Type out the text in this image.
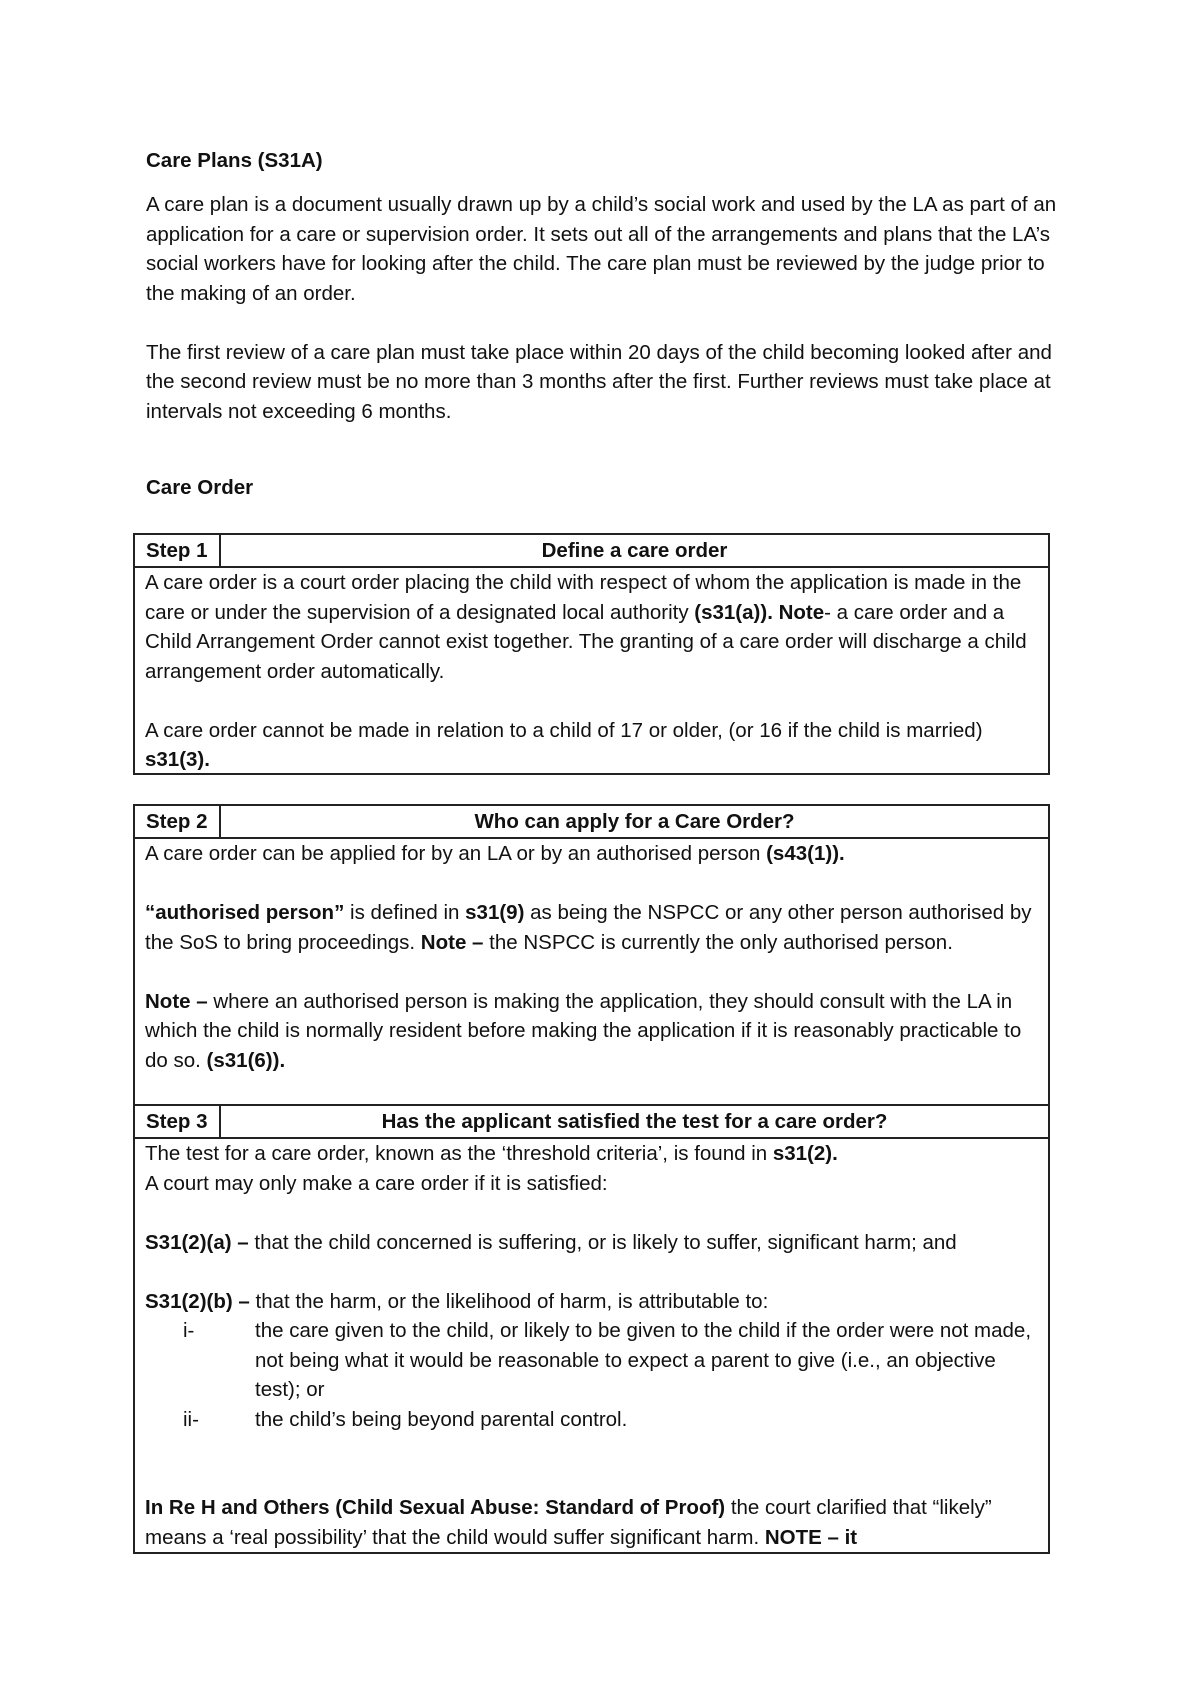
Care Plans (S31A)

A care plan is a document usually drawn up by a child’s social work and used by the LA as part of an application for a care or supervision order. It sets out all of the arrangements and plans that the LA’s social workers have for looking after the child. The care plan must be reviewed by the judge prior to the making of an order.

The first review of a care plan must take place within 20 days of the child becoming looked after and the second review must be no more than 3 months after the first. Further reviews must take place at intervals not exceeding 6 months.

Care Order
Step 1	Define a care order

A care order is a court order placing the child with respect of whom the application is made in the care or under the supervision of a designated local authority (s31(a)). Note- a care order and a Child Arrangement Order cannot exist together. The granting of a care order will discharge a child arrangement order automatically.

A care order cannot be made in relation to a child of 17 or older, (or 16 if the child is married) s31(3).

Step 2	Who can apply for a Care Order?

A care order can be applied for by an LA or by an authorised person (s43(1)).

“authorised person” is defined in s31(9) as being the NSPCC or any other person authorised by the SoS to bring proceedings. Note – the NSPCC is currently the only authorised person.

Note – where an authorised person is making the application, they should consult with the LA in which the child is normally resident before making the application if it is reasonably practicable to do so. (s31(6)).

Step 3	Has the applicant satisfied the test for a care order?

The test for a care order, known as the ‘threshold criteria’, is found in s31(2).

A court may only make a care order if it is satisfied:

S31(2)(a) – that the child concerned is suffering, or is likely to suffer, significant harm; and

S31(2)(b) – that the harm, or the likelihood of harm, is attributable to:

i-	the care given to the child, or likely to be given to the child if the order were not made, not being what it would be reasonable to expect a parent to give (i.e., an objective test); or
ii-	the child’s being beyond parental control.

In Re H and Others (Child Sexual Abuse: Standard of Proof) the court clarified that “likely” means a ‘real possibility’ that the child would suffer significant harm. NOTE – it
